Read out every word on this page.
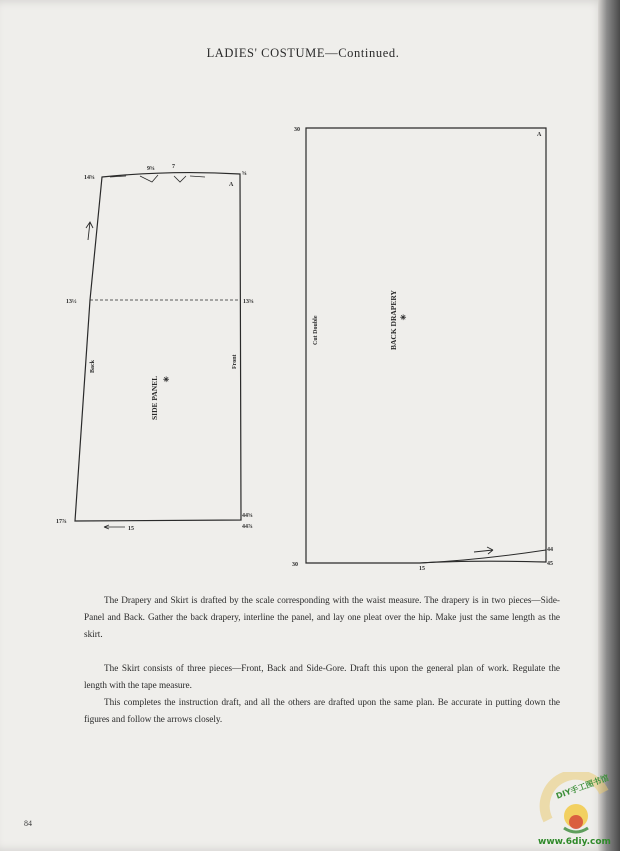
LADIES' COSTUME—Continued.
14⅝
9⅝	7
⅝
A
13½	13⅝
17⅞
15
44⅝
44⅞
SIDE PANEL ✳
Back	Front
30
A
30
15
44
45
BACK DRAPERY ✳
Cut Double

The Drapery and Skirt is drafted by the scale corresponding with the waist measure. The drapery is in two pieces—Side-Panel and Back. Gather the back drapery, interline the panel, and lay one pleat over the hip. Make just the same length as the skirt.

The Skirt consists of three pieces—Front, Back and Side-Gore. Draft this upon the general plan of work. Regulate the length with the tape measure.

This completes the instruction draft, and all the others are drafted upon the same plan. Be accurate in putting down the figures and follow the arrows closely.

84
DIY手工图书馆
www.6diy.com
